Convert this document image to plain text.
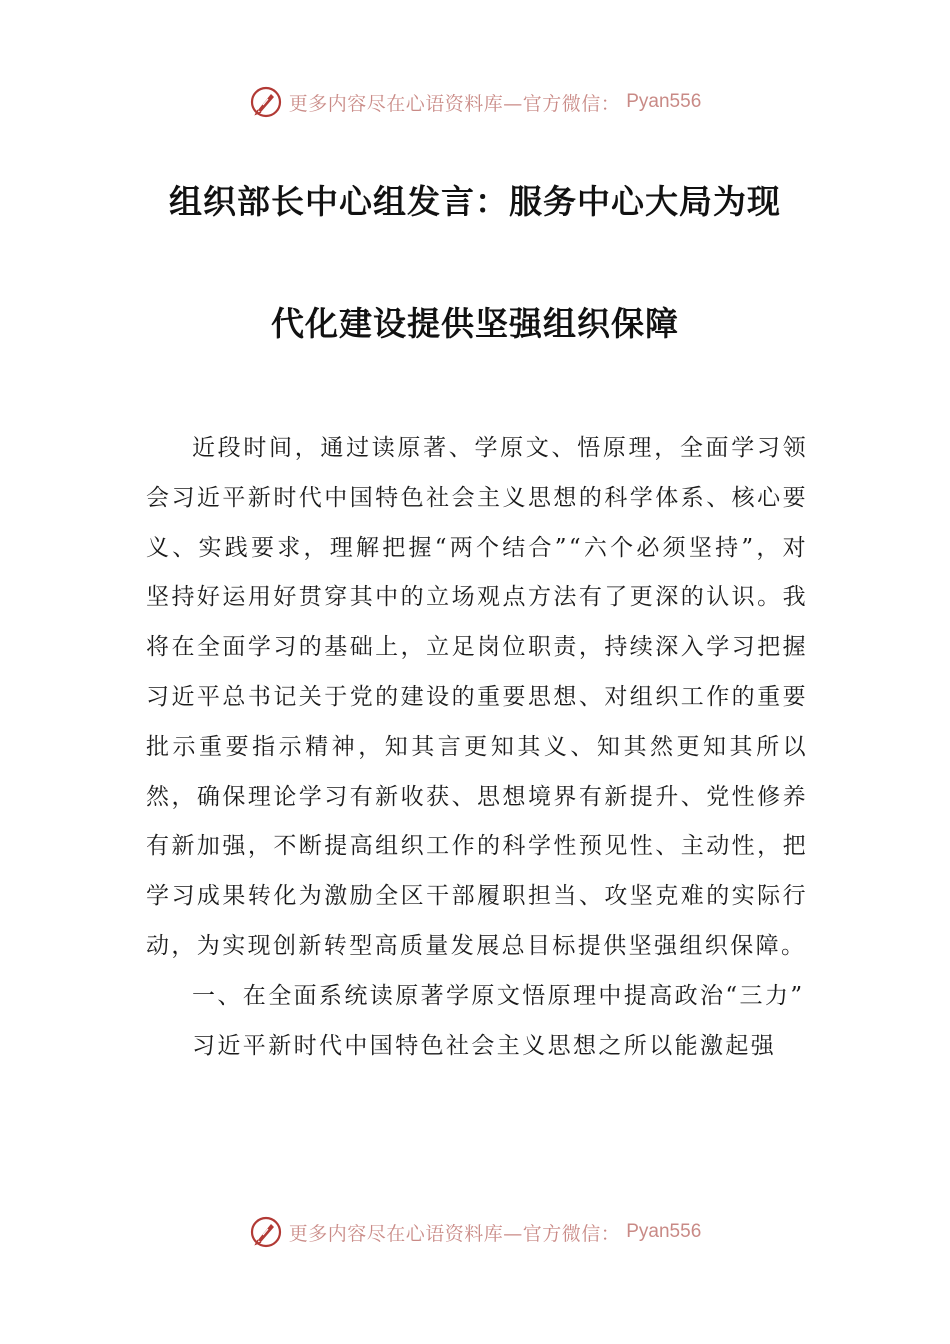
更多内容尽在心语资料库—官方微信： Pyan556
组织部长中心组发言：服务中心大局为现
代化建设提供坚强组织保障

近段时间，通过读原著、学原文、悟原理，全面学习领会习近平新时代中国特色社会主义思想的科学体系、核心要义、实践要求，理解把握“两个结合”“六个必须坚持”，对坚持好运用好贯穿其中的立场观点方法有了更深的认识。我将在全面学习的基础上，立足岗位职责，持续深入学习把握习近平总书记关于党的建设的重要思想、对组织工作的重要批示重要指示精神，知其言更知其义、知其然更知其所以然，确保理论学习有新收获、思想境界有新提升、党性修养有新加强，不断提高组织工作的科学性预见性、主动性，把学习成果转化为激励全区干部履职担当、攻坚克难的实际行动，为实现创新转型高质量发展总目标提供坚强组织保障。

一、在全面系统读原著学原文悟原理中提高政治“三力”

习近平新时代中国特色社会主义思想之所以能激起强

更多内容尽在心语资料库—官方微信： Pyan556
